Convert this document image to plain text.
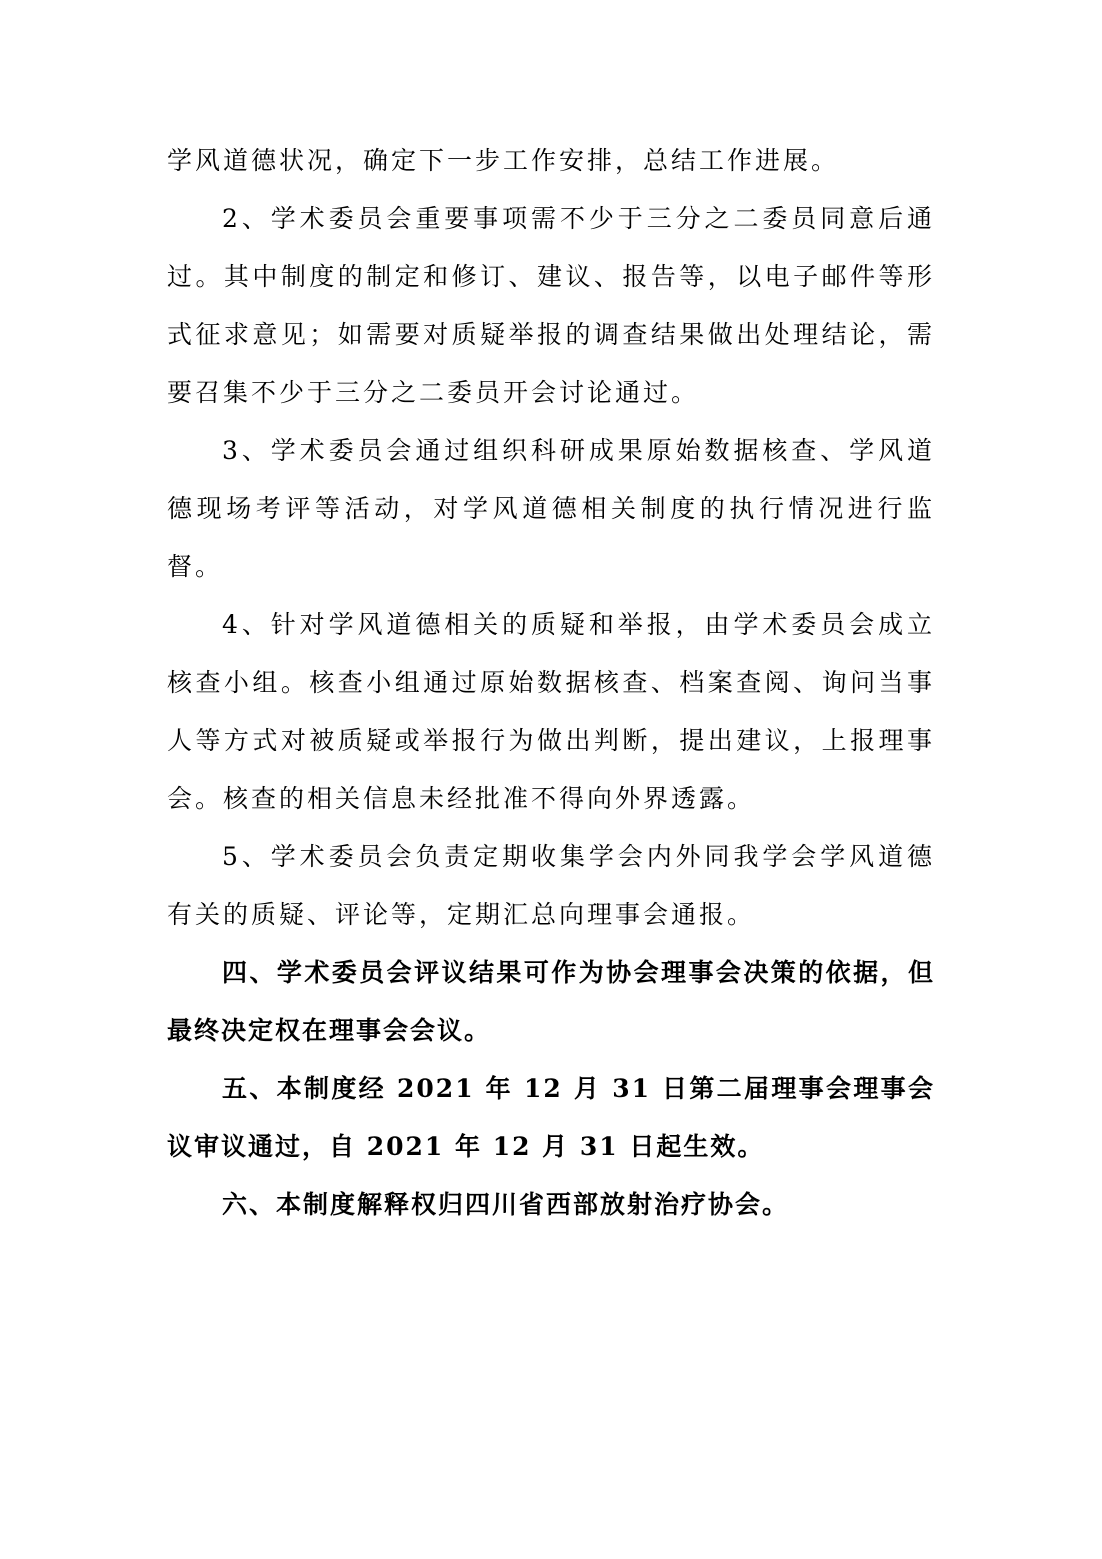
学风道德状况，确定下一步工作安排，总结工作进展。

2、学术委员会重要事项需不少于三分之二委员同意后通过。其中制度的制定和修订、建议、报告等，以电子邮件等形式征求意见；如需要对质疑举报的调查结果做出处理结论，需要召集不少于三分之二委员开会讨论通过。

3、学术委员会通过组织科研成果原始数据核查、学风道德现场考评等活动，对学风道德相关制度的执行情况进行监督。

4、针对学风道德相关的质疑和举报，由学术委员会成立核查小组。核查小组通过原始数据核查、档案查阅、询问当事人等方式对被质疑或举报行为做出判断，提出建议，上报理事会。核查的相关信息未经批准不得向外界透露。

5、学术委员会负责定期收集学会内外同我学会学风道德有关的质疑、评论等，定期汇总向理事会通报。

四、学术委员会评议结果可作为协会理事会决策的依据，但最终决定权在理事会会议。

五、本制度经 2021 年 12 月 31 日第二届理事会理事会议审议通过，自 2021 年 12 月 31 日起生效。

六、本制度解释权归四川省西部放射治疗协会。
